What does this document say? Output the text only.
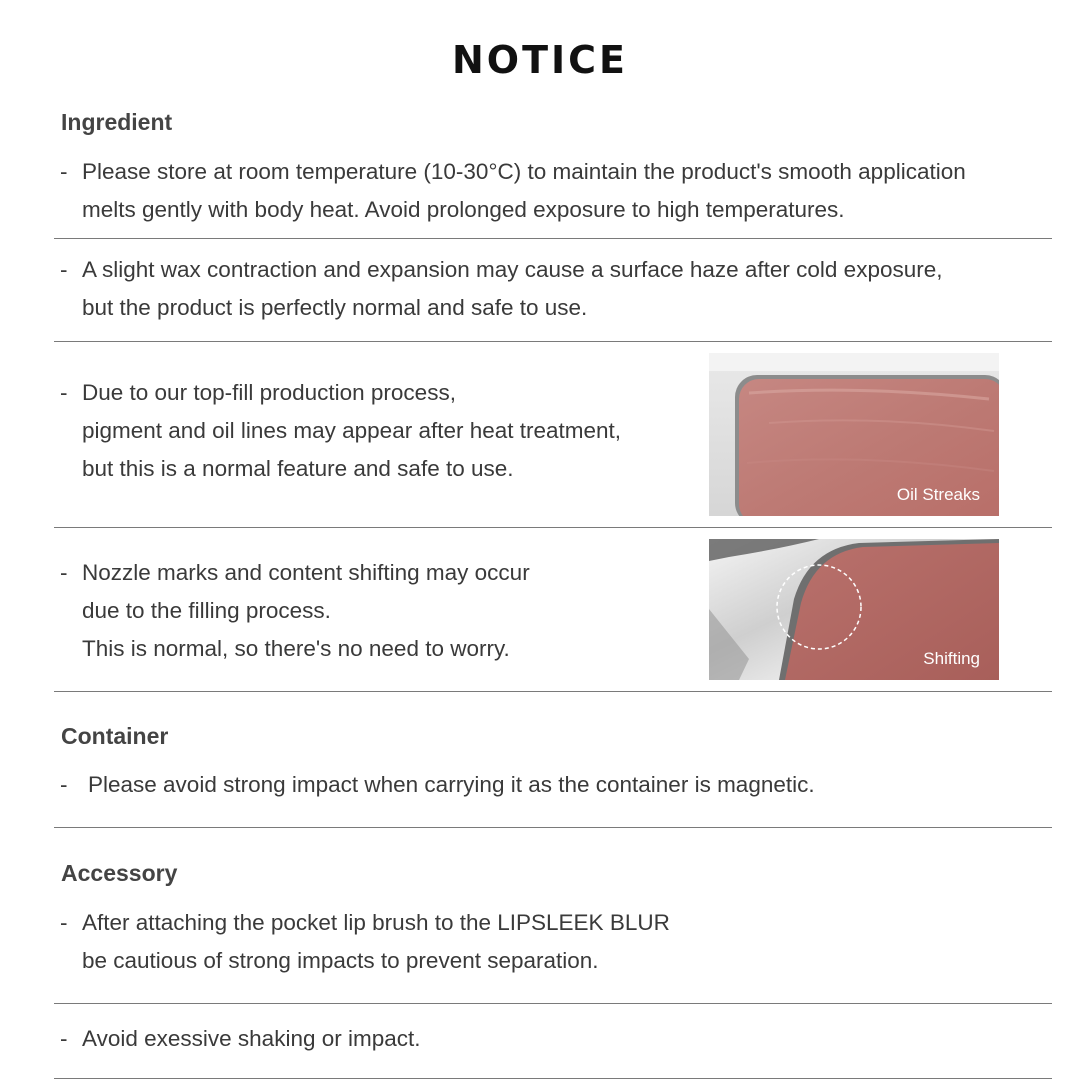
NOTICE
Ingredient
- Please store at room temperature (10-30°C) to maintain the product's smooth application
melts gently with body heat. Avoid prolonged exposure to high temperatures.
- A slight wax contraction and expansion may cause a surface haze after cold exposure,
but the product is perfectly normal and safe to use.
- Due to our top-fill production process,
pigment and oil lines may appear after heat treatment,
but this is a normal feature and safe to use.
Oil Streaks
- Nozzle marks and content shifting may occur
due to the filling process.
This is normal, so there's no need to worry.	Shifting
Container
- Please avoid strong impact when carrying it as the container is magnetic.
Accessory
- After attaching the pocket lip brush to the LIPSLEEK BLUR
be cautious of strong impacts to prevent separation.
- Avoid exessive shaking or impact.
